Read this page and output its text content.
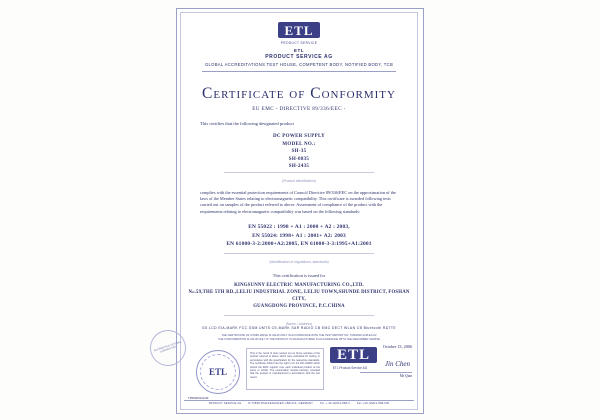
ETL
PRODUCT SERVICE
ETL
PRODUCT SERVICE AG
GLOBAL ACCREDITATIONS TEST HOUSE, COMPETENT BODY, NOTIFIED BODY, TCB
Certificate of Conformity
EU EMC - DIRECTIVE 89/336/EEC -
This certifies that the following designated product
DC POWER SUPPLY
MODEL NO.:
SH-35
SH-0835
SH-2435
(Product identification)
complies with the essential protection requirements of Council Directive 89/336/EEC on the approximation of the laws of the Member States relating to electromagnetic compatibility. This certificate is awarded following tests carried out on samples of the product referred to above. Assessment of compliance of the product with the requirements relating to electromagnetic compatibility was based on the following standards:
EN 55022 : 1998 + A1 : 2000 + A2 : 2003,
EN 55024: 1998+ A1 : 2001+ A2: 2003
EN 61000-3-2:2000+A2:2005, EN 61000-3-3:1995+A1:2001
(Identification of regulations, standards)
This certification is issued for
KINGSUNNY ELECTRIC MANUFACTURING CO.,LTD.
No.59,THE 5TH RD.,LELIU INDUSTRIAL ZONE, LELIU TOWN,SHUNDE DISTRICT, FOSHAN CITY,
GUANGDONG PROVINCE, P.C.CHINA
(Name / Address)
THE CERTIFICATE OF COMPLIANCE IS VALID ONLY IN ACCORDANCE WITH THE TEST REPORT NO. T2002040-01M-EC-02
THE CONFORMATION IS VALID ONLY IF THE PRODUCT IS MANUFACTURED IN ACCORDANCE WITH THE DESCRIBED SAMPLE
GS LCD EIA-MARK FCC GSM UMTS CE-MARK SAR RADIO CB EMC DECT WLAN CB Bluetooth R&TTE
ETL
This is the result of tests carried out on those samples of the product referred to above which were submitted for testing, in accordance with the specification for the respective standards. The certificate holder has the right to fix the ETL-MARK which shows the EMC support over each individual product at the same or similar. The examination sample belongs, provided that the product is manufactured in accordance with the test report.
ETL
ETL Product Service AG
October 13, 2006
Jin Chen
Mr Qian
T2502040-01M
PRODUCT SERVICE AG	D-72838 PFAFFENHOFEN,I.BRUCK, GERMANY	Tel. + 49-(0)811-868-0	Fax +49-(0)811-868-600
ACCREDITED TESTING LABORATORY
